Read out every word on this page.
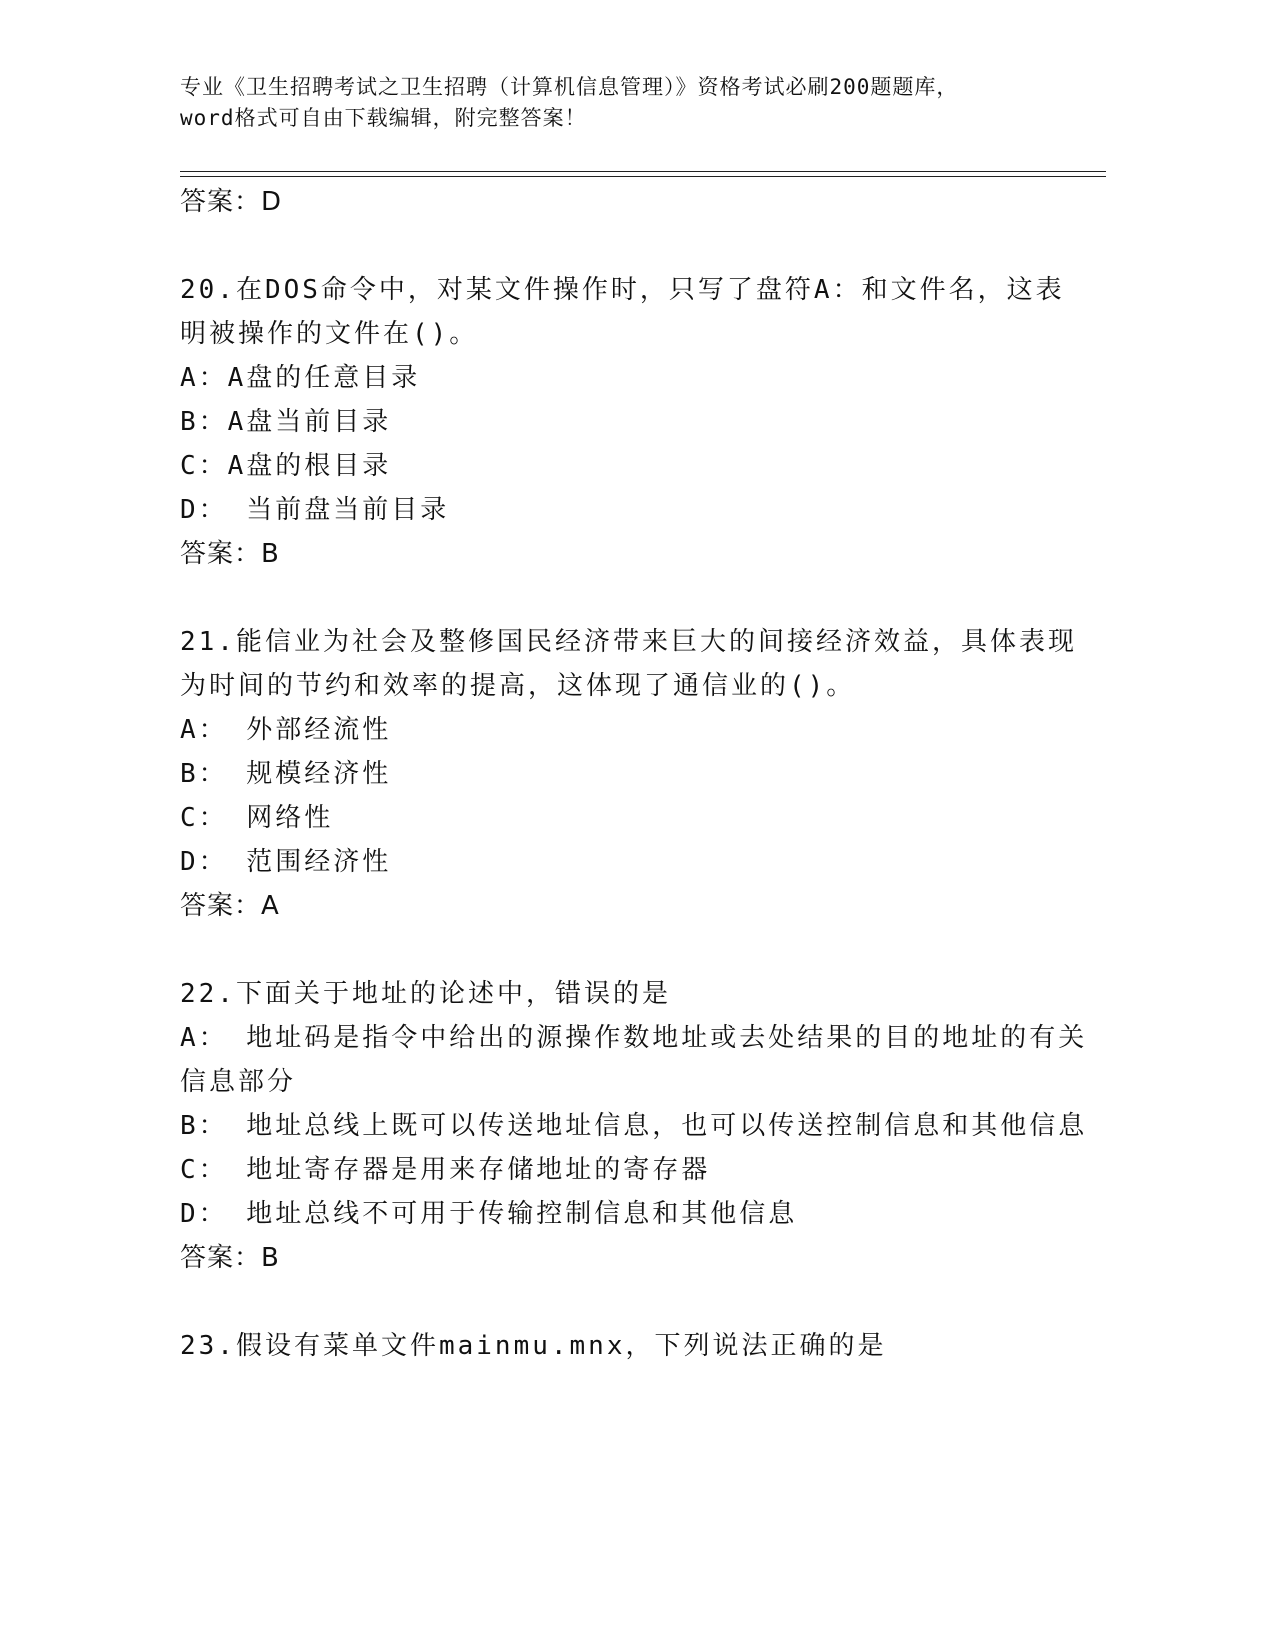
专业《卫生招聘考试之卫生招聘（计算机信息管理）》资格考试必刷200题题库，
word格式可自由下载编辑，附完整答案！
答案：D
20.在DOS命令中，对某文件操作时，只写了盘符A：和文件名，这表
明被操作的文件在()。
A：A盘的任意目录
B：A盘当前目录
C：A盘的根目录
D： 当前盘当前目录
答案：B
21.能信业为社会及整修国民经济带来巨大的间接经济效益，具体表现
为时间的节约和效率的提高，这体现了通信业的()。
A： 外部经流性
B： 规模经济性
C： 网络性
D： 范围经济性
答案：A
22.下面关于地址的论述中，错误的是
A： 地址码是指令中给出的源操作数地址或去处结果的目的地址的有关
信息部分
B： 地址总线上既可以传送地址信息，也可以传送控制信息和其他信息
C： 地址寄存器是用来存储地址的寄存器
D： 地址总线不可用于传输控制信息和其他信息
答案：B
23.假设有菜单文件mainmu.mnx，下列说法正确的是
